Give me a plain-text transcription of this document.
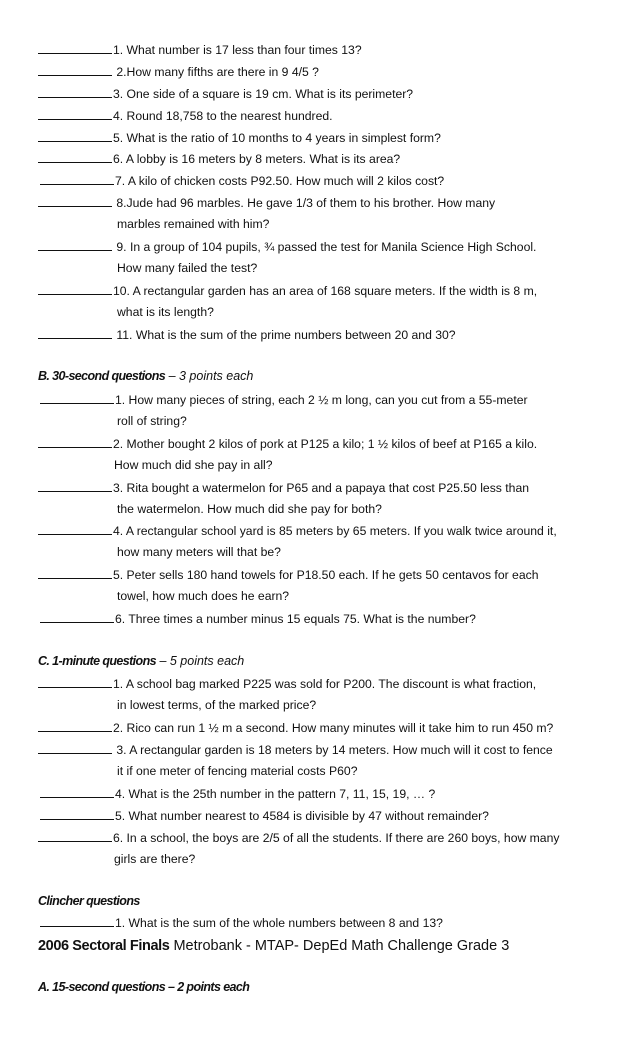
1. What number is 17 less than four times 13?
2.How many fifths are there in 9 4/5 ?
3. One side of a square is 19 cm. What is its perimeter?
4. Round 18,758 to the nearest hundred.
5. What is the ratio of 10 months to 4 years in simplest form?
6. A lobby is 16 meters by 8 meters. What is its area?
7. A kilo of chicken costs P92.50. How much will 2 kilos cost?
8.Jude had 96 marbles. He gave 1/3 of them to his brother. How many
marbles remained with him?
9. In a group of 104 pupils, ¾ passed the test for Manila Science High School.
How many failed the test?
10. A rectangular garden has an area of 168 square meters. If the width is 8 m,
what is its length?
11. What is the sum of the prime numbers between 20 and 30?
B. 30-second questions – 3 points each
1. How many pieces of string, each 2 ½ m long, can you cut from a 55-meter
roll of string?
2. Mother bought 2 kilos of pork at P125 a kilo; 1 ½ kilos of beef at P165 a kilo.
How much did she pay in all?
3. Rita bought a watermelon for P65 and a papaya that cost P25.50 less than
the watermelon. How much did she pay for both?
4. A rectangular school yard is 85 meters by 65 meters. If you walk twice around it,
how many meters will that be?
5. Peter sells 180 hand towels for P18.50 each. If he gets 50 centavos for each
towel, how much does he earn?
6. Three times a number minus 15 equals 75. What is the number?
C. 1-minute questions – 5 points each
1. A school bag marked P225 was sold for P200. The discount is what fraction,
in lowest terms, of the marked price?
2. Rico can run 1 ½ m a second. How many minutes will it take him to run 450 m?
3. A rectangular garden is 18 meters by 14 meters. How much will it cost to fence
it if one meter of fencing material costs P60?
4. What is the 25th number in the pattern 7, 11, 15, 19, … ?
5. What number nearest to 4584 is divisible by 47 without remainder?
6. In a school, the boys are 2/5 of all the students. If there are 260 boys, how many
girls are there?
Clincher questions
1. What is the sum of the whole numbers between 8 and 13?
2006 Sectoral Finals Metrobank - MTAP- DepEd Math Challenge Grade 3
A. 15-second questions – 2 points each
